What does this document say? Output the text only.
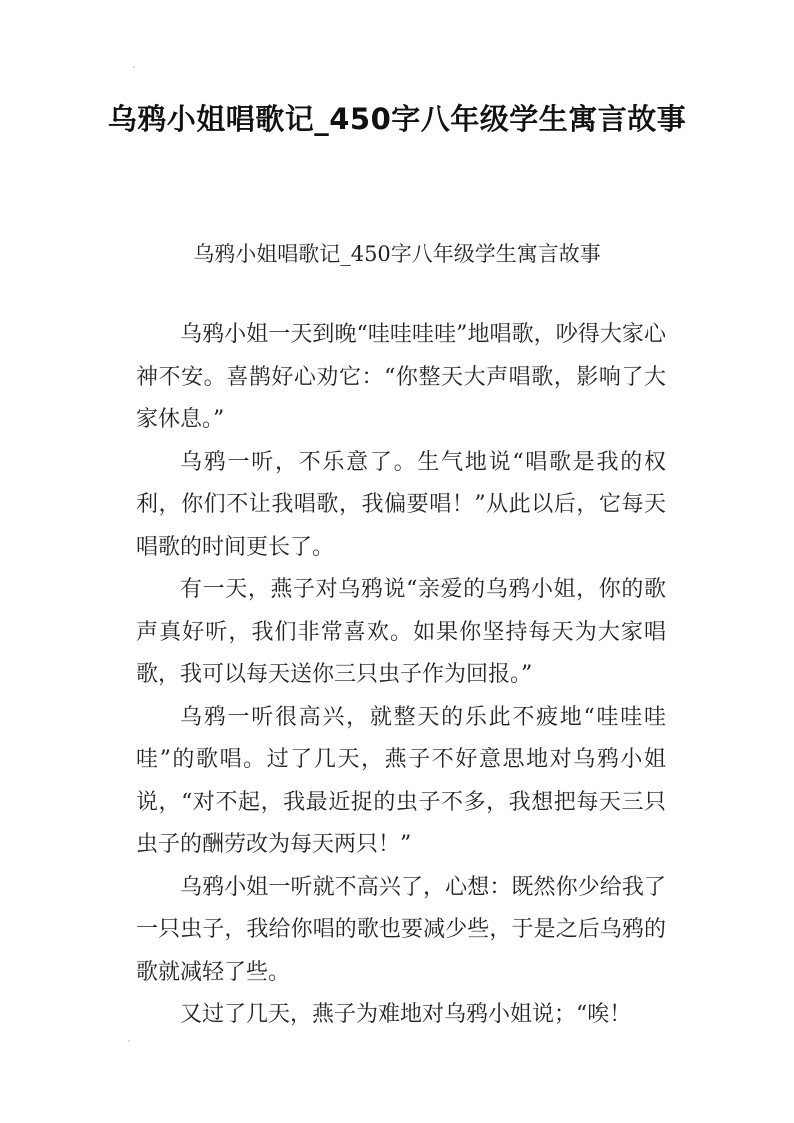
乌鸦小姐唱歌记_450字八年级学生寓言故事
乌鸦小姐唱歌记_450字八年级学生寓言故事

乌鸦小姐一天到晚“哇哇哇哇”地唱歌，吵得大家心神不安。喜鹊好心劝它：“你整天大声唱歌，影响了大家休息。”

乌鸦一听，不乐意了。生气地说“唱歌是我的权利，你们不让我唱歌，我偏要唱！”从此以后，它每天唱歌的时间更长了。

有一天，燕子对乌鸦说“亲爱的乌鸦小姐，你的歌声真好听，我们非常喜欢。如果你坚持每天为大家唱歌，我可以每天送你三只虫子作为回报。”

乌鸦一听很高兴，就整天的乐此不疲地“哇哇哇哇”的歌唱。过了几天，燕子不好意思地对乌鸦小姐说，“对不起，我最近捉的虫子不多，我想把每天三只虫子的酬劳改为每天两只！”

乌鸦小姐一听就不高兴了，心想：既然你少给我了一只虫子，我给你唱的歌也要减少些，于是之后乌鸦的歌就减轻了些。

又过了几天，燕子为难地对乌鸦小姐说；“唉！
